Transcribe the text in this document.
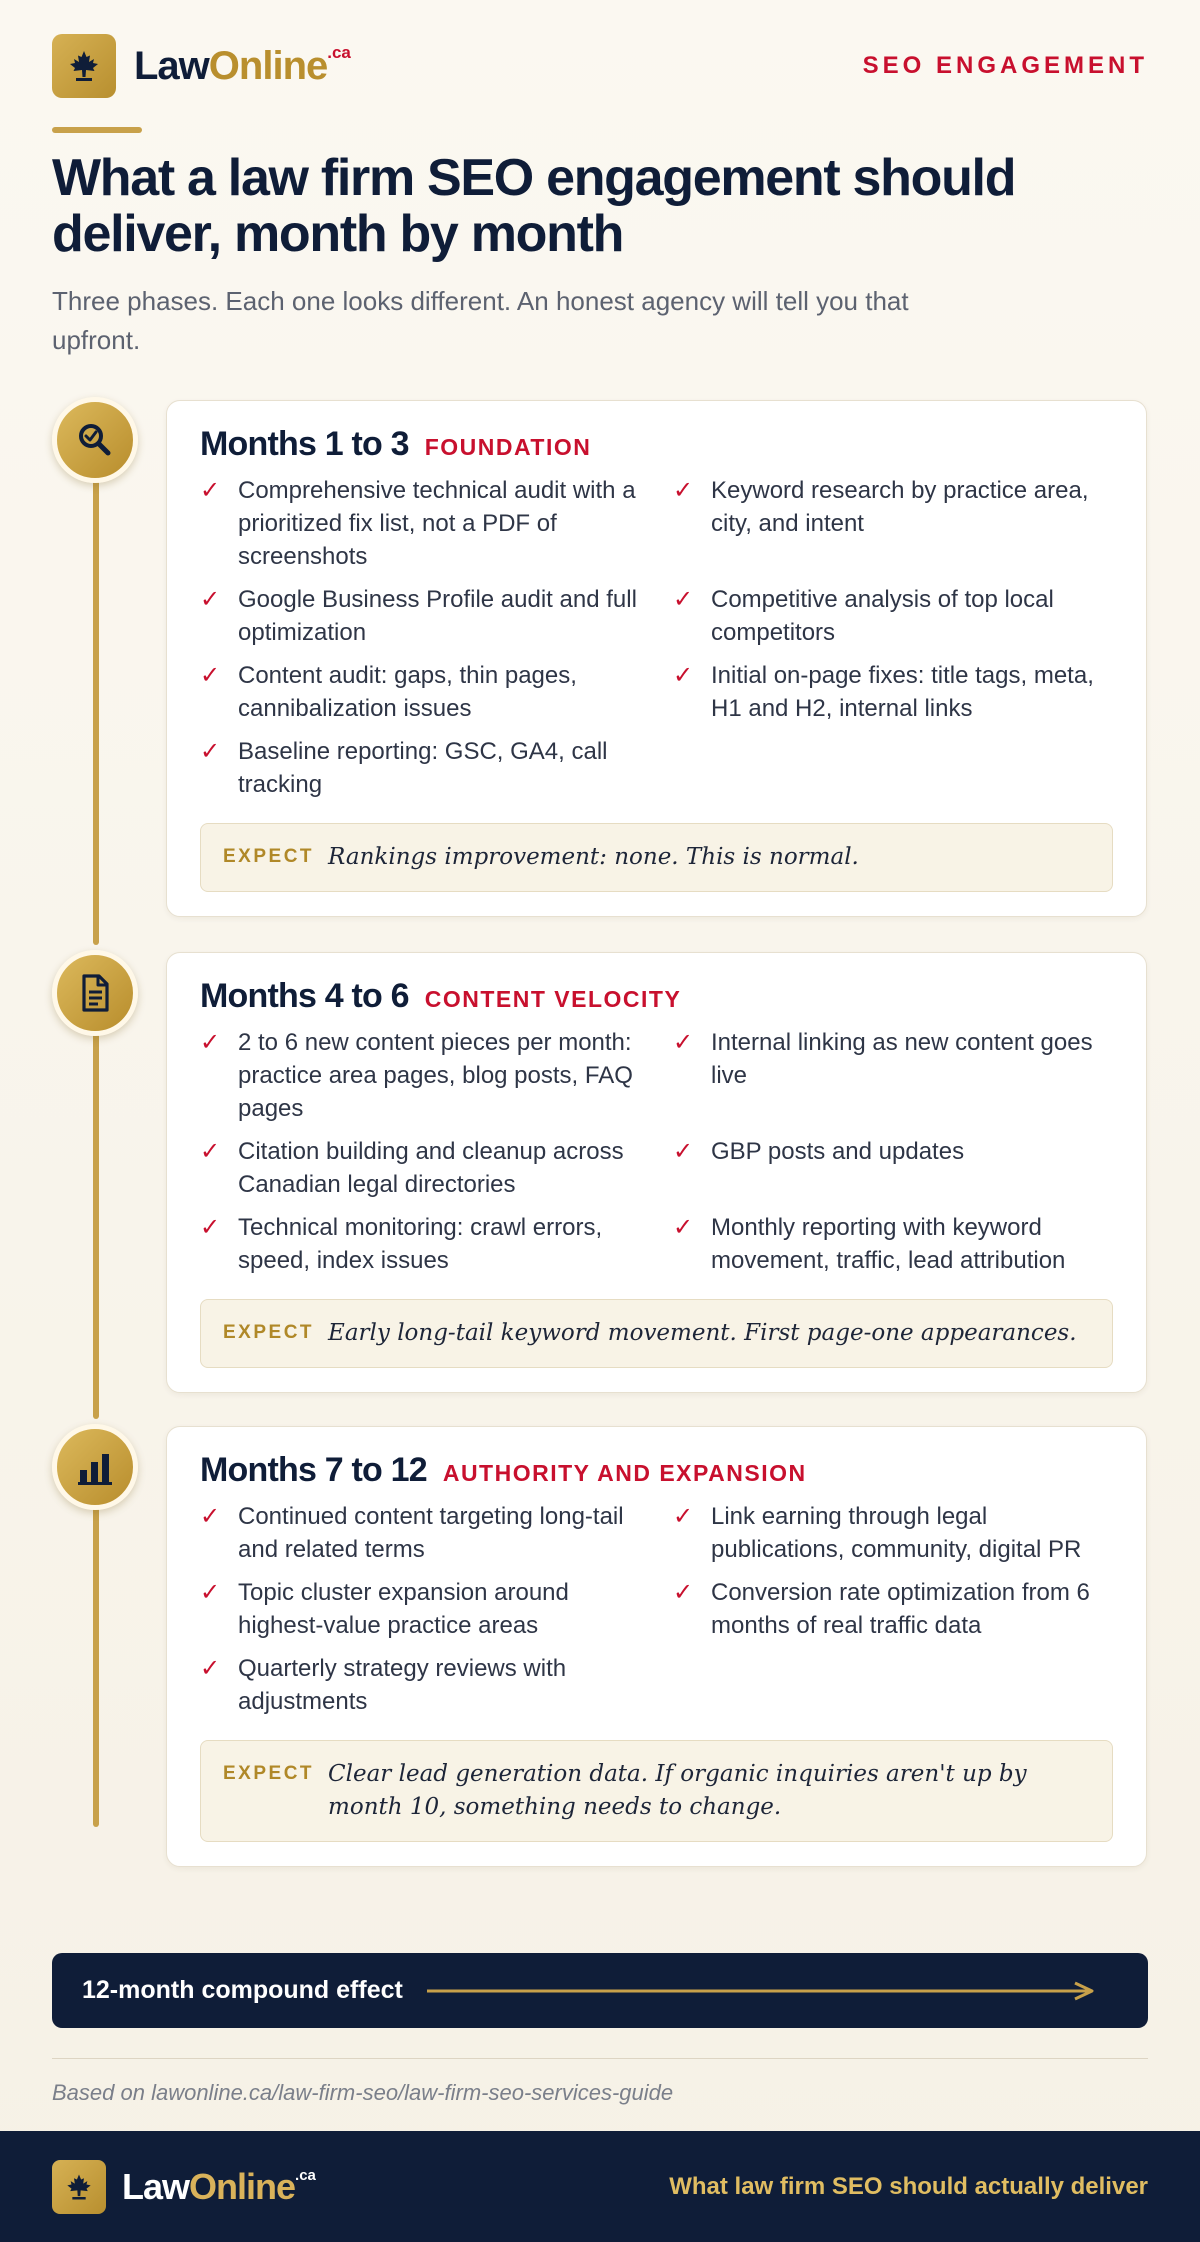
LawOnline$^{.ca}$	SEO ENGAGEMENT
What a law firm SEO engagement should deliver, month by month
Three phases. Each one looks different. An honest agency will tell you that upfront.
Months 1 to 3 FOUNDATION
✓ Comprehensive technical audit with a prioritized fix list, not a PDF of screenshots
✓ Keyword research by practice area, city, and intent
✓ Google Business Profile audit and full optimization
✓ Competitive analysis of top local competitors
✓ Content audit: gaps, thin pages, cannibalization issues
✓ Initial on-page fixes: title tags, meta, H1 and H2, internal links
✓ Baseline reporting: GSC, GA4, call tracking
EXPECT Rankings improvement: none. This is normal.
Months 4 to 6 CONTENT VELOCITY
✓ 2 to 6 new content pieces per month: practice area pages, blog posts, FAQ pages
✓ Internal linking as new content goes live
✓ Citation building and cleanup across Canadian legal directories
✓ GBP posts and updates
✓ Technical monitoring: crawl errors, speed, index issues
✓ Monthly reporting with keyword movement, traffic, lead attribution
EXPECT Early long-tail keyword movement. First page-one appearances.
Months 7 to 12 AUTHORITY AND EXPANSION
✓ Continued content targeting long-tail and related terms
✓ Link earning through legal publications, community, digital PR
✓ Topic cluster expansion around highest-value practice areas
✓ Conversion rate optimization from 6 months of real traffic data
✓ Quarterly strategy reviews with adjustments
EXPECT Clear lead generation data. If organic inquiries aren't up by month 10, something needs to change.
12-month compound effect
Based on lawonline.ca/law-firm-seo/law-firm-seo-services-guide
LawOnline$^{.ca}$	What law firm SEO should actually deliver
